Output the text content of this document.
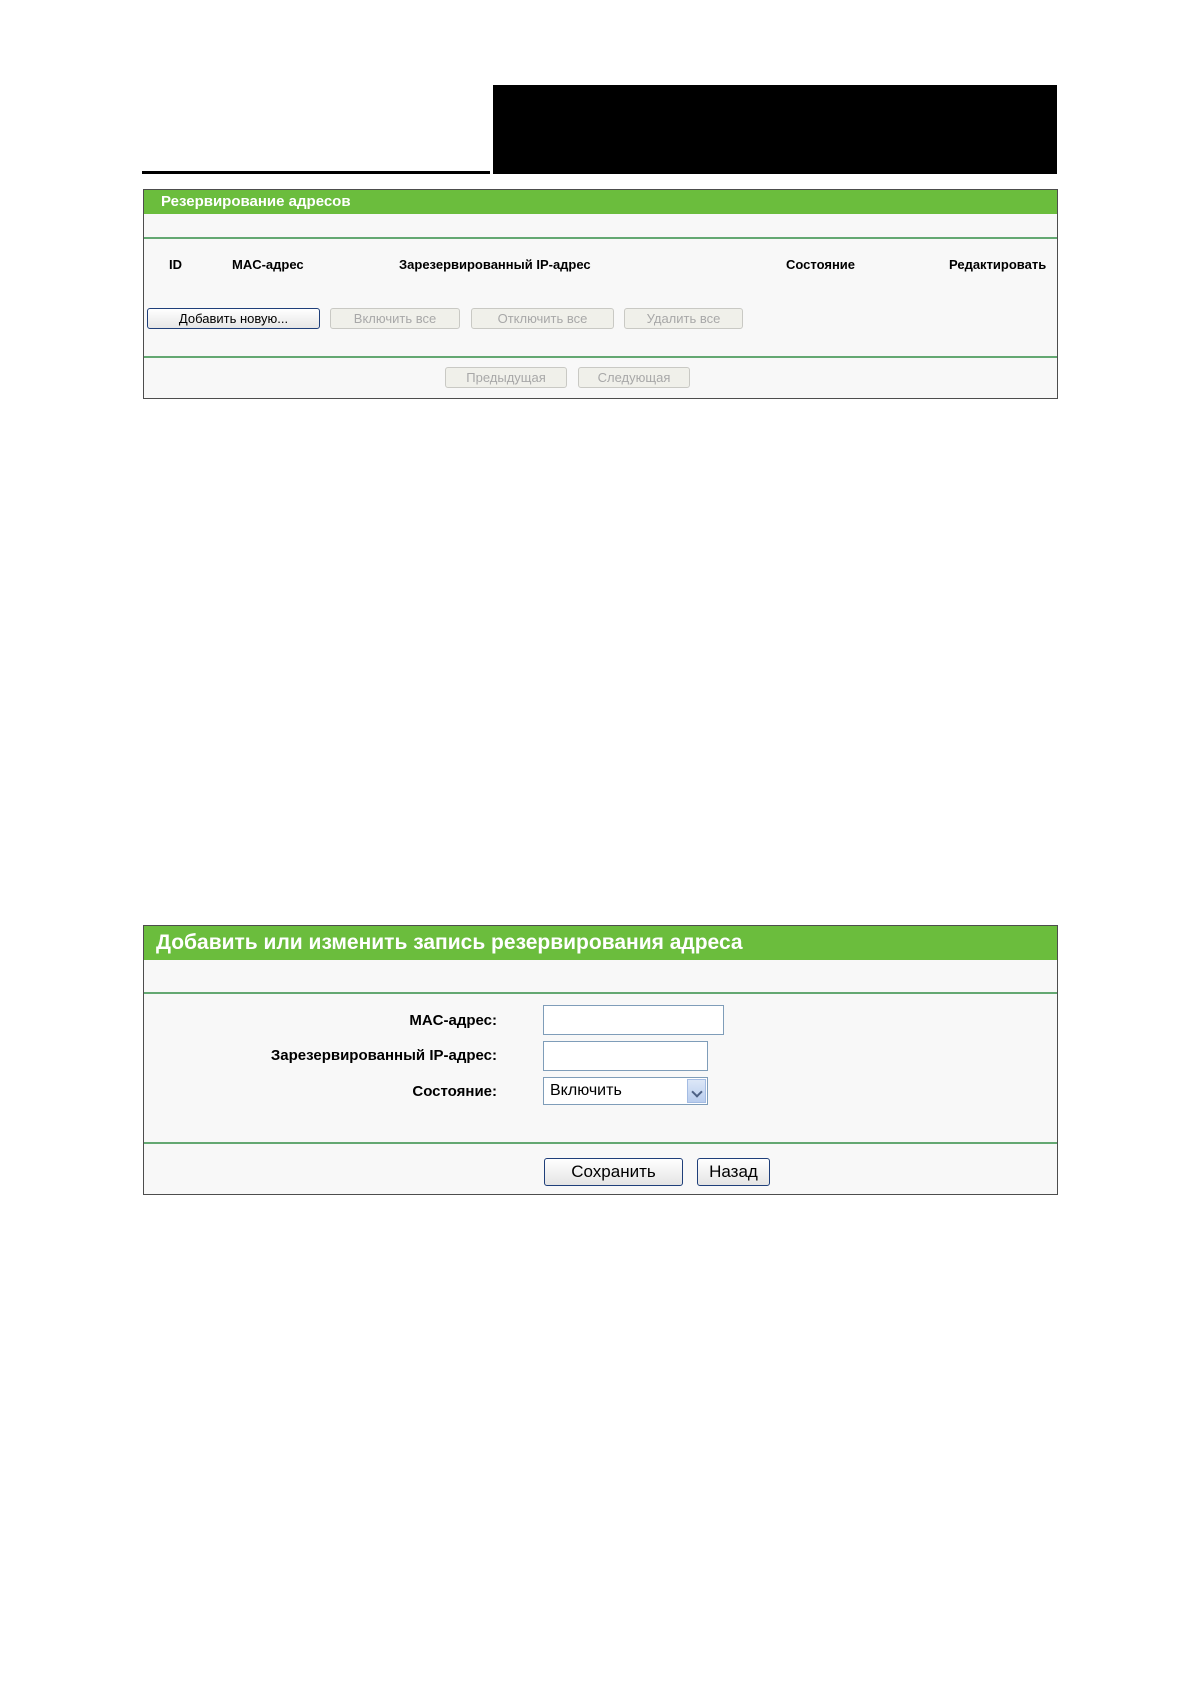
Резервирование адресов
ID	MAC-адрес	Зарезервированный IP-адрес	Состояние	Редактировать
Добавить новую...	Включить все	Отключить все	Удалить все
Предыдущая	Следующая
Добавить или изменить запись резервирования адреса
MAC-адрес:
Зарезервированный IP-адрес:
Состояние:	Включить
Сохранить	Назад
